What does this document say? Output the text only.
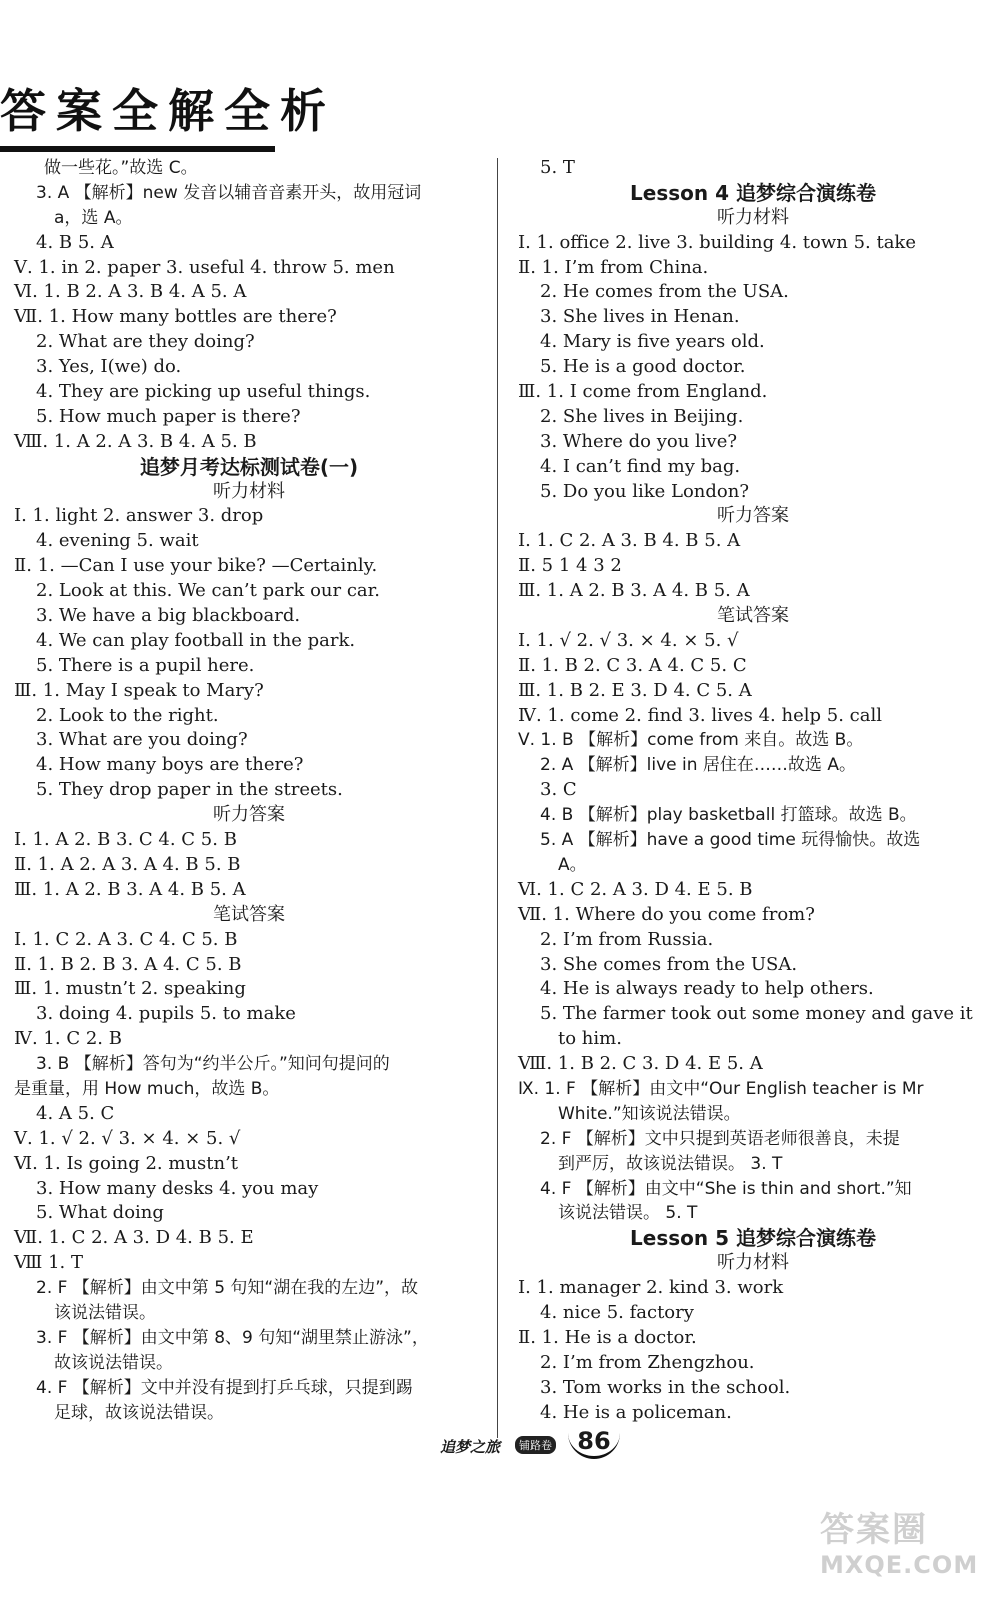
答案全解全析
做一些花。”故选 C。
3. A 【解析】new 发音以辅音音素开头，故用冠词
a，选 A。
4. B 5. A
Ⅴ. 1. in 2. paper 3. useful 4. throw 5. men
Ⅵ. 1. B 2. A 3. B 4. A 5. A
Ⅶ. 1. How many bottles are there?
2. What are they doing?
3. Yes, I(we) do.
4. They are picking up useful things.
5. How much paper is there?
Ⅷ. 1. A 2. A 3. B 4. A 5. B
追梦月考达标测试卷(一)
听力材料
Ⅰ. 1. light 2. answer 3. drop
4. evening 5. wait
Ⅱ. 1. —Can I use your bike? —Certainly.
2. Look at this. We can’t park our car.
3. We have a big blackboard.
4. We can play football in the park.
5. There is a pupil here.
Ⅲ. 1. May I speak to Mary?
2. Look to the right.
3. What are you doing?
4. How many boys are there?
5. They drop paper in the streets.
听力答案
Ⅰ. 1. A 2. B 3. C 4. C 5. B
Ⅱ. 1. A 2. A 3. A 4. B 5. B
Ⅲ. 1. A 2. B 3. A 4. B 5. A
笔试答案
Ⅰ. 1. C 2. A 3. C 4. C 5. B
Ⅱ. 1. B 2. B 3. A 4. C 5. B
Ⅲ. 1. mustn’t 2. speaking
3. doing 4. pupils 5. to make
Ⅳ. 1. C 2. B
3. B 【解析】答句为“约半公斤。”知问句提问的
是重量，用 How much，故选 B。
4. A 5. C
Ⅴ. 1. √ 2. √ 3. × 4. × 5. √
Ⅵ. 1. Is going 2. mustn’t
3. How many desks 4. you may
5. What doing
Ⅶ. 1. C 2. A 3. D 4. B 5. E
Ⅷ 1. T
2. F 【解析】由文中第 5 句知“湖在我的左边”，故
该说法错误。
3. F 【解析】由文中第 8、9 句知“湖里禁止游泳”，
故该说法错误。
4. F 【解析】文中并没有提到打乒乓球，只提到踢
足球，故该说法错误。
5. T
Lesson 4 追梦综合演练卷
听力材料
Ⅰ. 1. office 2. live 3. building 4. town 5. take
Ⅱ. 1. I’m from China.
2. He comes from the USA.
3. She lives in Henan.
4. Mary is five years old.
5. He is a good doctor.
Ⅲ. 1. I come from England.
2. She lives in Beijing.
3. Where do you live?
4. I can’t find my bag.
5. Do you like London?
听力答案
Ⅰ. 1. C 2. A 3. B 4. B 5. A
Ⅱ. 5 1 4 3 2
Ⅲ. 1. A 2. B 3. A 4. B 5. A
笔试答案
Ⅰ. 1. √ 2. √ 3. × 4. × 5. √
Ⅱ. 1. B 2. C 3. A 4. C 5. C
Ⅲ. 1. B 2. E 3. D 4. C 5. A
Ⅳ. 1. come 2. find 3. lives 4. help 5. call
Ⅴ. 1. B 【解析】come from 来自。故选 B。
2. A 【解析】live in 居住在……故选 A。
3. C
4. B 【解析】play basketball 打篮球。故选 B。
5. A 【解析】have a good time 玩得愉快。故选
A。
Ⅵ. 1. C 2. A 3. D 4. E 5. B
Ⅶ. 1. Where do you come from?
2. I’m from Russia.
3. She comes from the USA.
4. He is always ready to help others.
5. The farmer took out some money and gave it
to him.
Ⅷ. 1. B 2. C 3. D 4. E 5. A
Ⅸ. 1. F 【解析】由文中“Our English teacher is Mr
White.”知该说法错误。
2. F 【解析】文中只提到英语老师很善良，未提
到严厉，故该说法错误。 3. T
4. F 【解析】由文中“She is thin and short.”知
该说法错误。 5. T
Lesson 5 追梦综合演练卷
听力材料
Ⅰ. 1. manager 2. kind 3. work
4. nice 5. factory
Ⅱ. 1. He is a doctor.
2. I’m from Zhengzhou.
3. Tom works in the school.
4. He is a policeman.
追梦之旅	铺路卷	86
答案圈
MXQE.COM
